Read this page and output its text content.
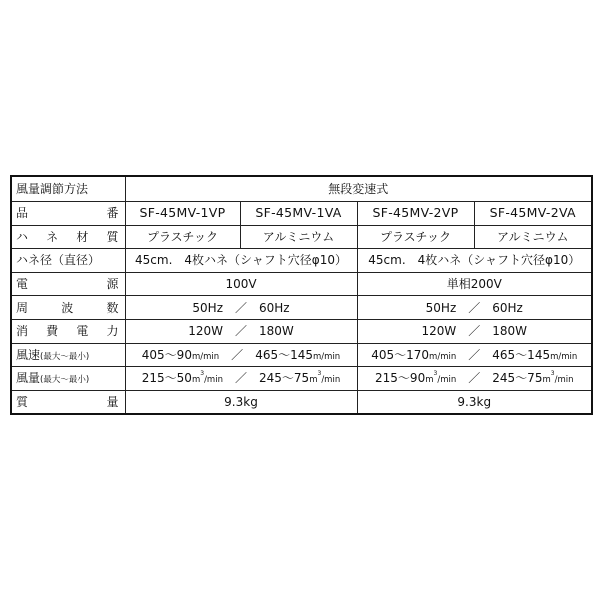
風量調節方法	無段変速式			
品　番	SF-45MV-1VP	SF-45MV-1VA	SF-45MV-2VP	SF-45MV-2VA
ハ　ネ　材　質	プラスチック	アルミニウム	プラスチック	アルミニウム
ハネ径（直径）	45cm.　4枚ハネ（シャフト穴径φ10）		45cm.　4枚ハネ（シャフト穴径φ10）	
電　源	100V		単相200V	
周　波　数	50Hz　／　60Hz		50Hz　／　60Hz	
消　費　電　力	120W　／　180W		120W　／　180W	
風速(最大～最小)	405～90m/min　 ／　 465～145m/min		405～170m/min　 ／　 465～145m/min	
風量(最大～最小)	$215\sim 50m^3/\min$　 ／　 $245\sim 75m^3/\min$		$215\sim 90m^3/\min$　 ／　 $245\sim 75m^3/\min$	
質　量	9.3kg		9.3kg	
